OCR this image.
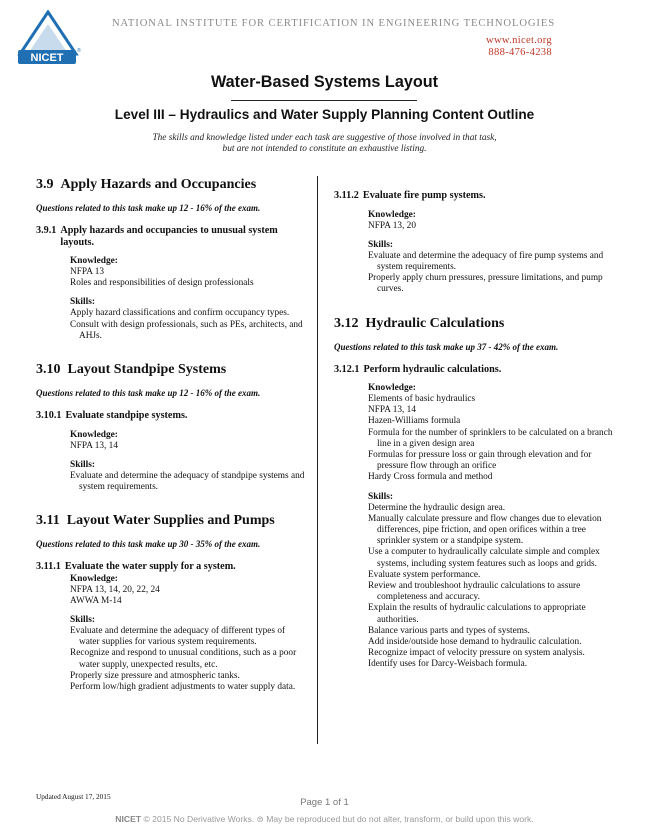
NICET
®
NATIONAL INSTITUTE FOR CERTIFICATION IN ENGINEERING TECHNOLOGIES
www.nicet.org
888-476-4238
Water-Based Systems Layout
Level III – Hydraulics and Water Supply Planning Content Outline
The skills and knowledge listed under each task are suggestive of those involved in that task,
but are not intended to constitute an exhaustive listing.
3.9 Apply Hazards and Occupancies
Questions related to this task make up 12 - 16% of the exam.
3.9.1 Apply hazards and occupancies to unusual system layouts.
Knowledge:
NFPA 13
Roles and responsibilities of design professionals
Skills:
Apply hazard classifications and confirm occupancy types.
Consult with design professionals, such as PEs, architects, and AHJs.
3.10 Layout Standpipe Systems
Questions related to this task make up 12 - 16% of the exam.
3.10.1 Evaluate standpipe systems.
Knowledge:
NFPA 13, 14
Skills:
Evaluate and determine the adequacy of standpipe systems and system requirements.
3.11 Layout Water Supplies and Pumps
Questions related to this task make up 30 - 35% of the exam.
3.11.1 Evaluate the water supply for a system.
Knowledge:
NFPA 13, 14, 20, 22, 24
AWWA M-14
Skills:
Evaluate and determine the adequacy of different types of water supplies for various system requirements.
Recognize and respond to unusual conditions, such as a poor water supply, unexpected results, etc.
Properly size pressure and atmospheric tanks.
Perform low/high gradient adjustments to water supply data.
3.11.2 Evaluate fire pump systems.
Knowledge:
NFPA 13, 20
Skills:
Evaluate and determine the adequacy of fire pump systems and system requirements.
Properly apply churn pressures, pressure limitations, and pump curves.
3.12 Hydraulic Calculations
Questions related to this task make up 37 - 42% of the exam.
3.12.1 Perform hydraulic calculations.
Knowledge:
Elements of basic hydraulics
NFPA 13, 14
Hazen-Williams formula
Formula for the number of sprinklers to be calculated on a branch line in a given design area
Formulas for pressure loss or gain through elevation and for pressure flow through an orifice
Hardy Cross formula and method
Skills:
Determine the hydraulic design area.
Manually calculate pressure and flow changes due to elevation differences, pipe friction, and open orifices within a tree sprinkler system or a standpipe system.
Use a computer to hydraulically calculate simple and complex systems, including system features such as loops and grids.
Evaluate system performance.
Review and troubleshoot hydraulic calculations to assure completeness and accuracy.
Explain the results of hydraulic calculations to appropriate authorities.
Balance various parts and types of systems.
Add inside/outside hose demand to hydraulic calculation.
Recognize impact of velocity pressure on system analysis.
Identify uses for Darcy-Weisbach formula.
Updated August 17, 2015
Page 1 of 1
NICET © 2015 No Derivative Works. ⊜ May be reproduced but do not alter, transform, or build upon this work.
